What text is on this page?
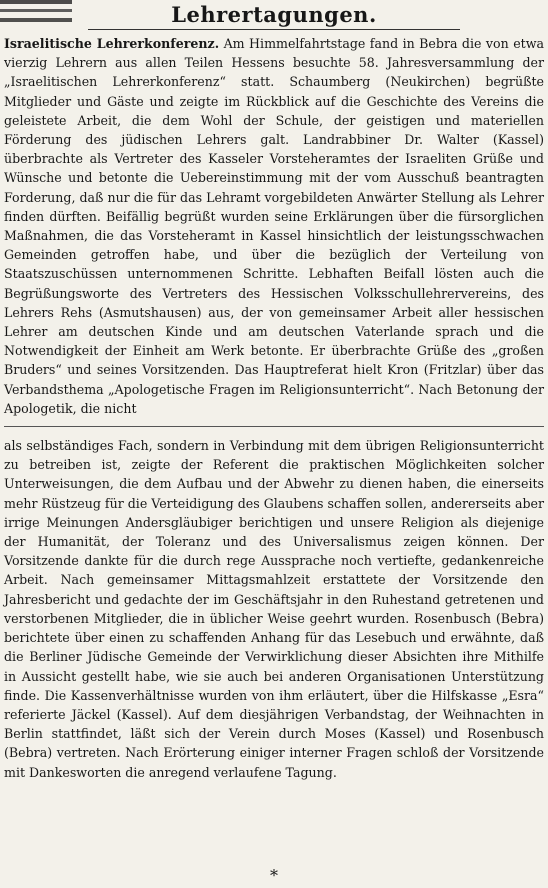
Lehrertagungen.

Israelitische Lehrerkonferenz. Am Himmelfahrtstage fand in Bebra die von etwa vierzig Lehrern aus allen Teilen Hessens besuchte 58. Jahresversammlung der „Israelitischen Lehrerkonferenz“ statt. Schaumberg (Neukirchen) begrüßte Mitglieder und Gäste und zeigte im Rückblick auf die Geschichte des Vereins die geleistete Arbeit, die dem Wohl der Schule, der geistigen und materiellen Förderung des jüdischen Lehrers galt. Landrabbiner Dr. Walter (Kassel) überbrachte als Vertreter des Kasseler Vorsteheramtes der Israeliten Grüße und Wünsche und betonte die Uebereinstimmung mit der vom Ausschuß beantragten Forderung, daß nur die für das Lehramt vorgebildeten Anwärter Stellung als Lehrer finden dürften. Beifällig begrüßt wurden seine Erklärungen über die fürsorglichen Maßnahmen, die das Vorsteheramt in Kassel hinsichtlich der leistungsschwachen Gemeinden getroffen habe, und über die bezüglich der Verteilung von Staatszuschüssen unternommenen Schritte. Lebhaften Beifall lösten auch die Begrüßungsworte des Vertreters des Hessischen Volksschullehrervereins, des Lehrers Rehs (Asmutshausen) aus, der von gemeinsamer Arbeit aller hessischen Lehrer am deutschen Kinde und am deutschen Vaterlande sprach und die Notwendigkeit der Einheit am Werk betonte. Er überbrachte Grüße des „großen Bruders“ und seines Vorsitzenden. Das Hauptreferat hielt Kron (Fritzlar) über das Verbandsthema „Apologetische Fragen im Religionsunterricht“. Nach Betonung der Apologetik, die nicht

als selbständiges Fach, sondern in Verbindung mit dem übrigen Religionsunterricht zu betreiben ist, zeigte der Referent die praktischen Möglichkeiten solcher Unterweisungen, die dem Aufbau und der Abwehr zu dienen haben, die einerseits mehr Rüstzeug für die Verteidigung des Glaubens schaffen sollen, andererseits aber irrige Meinungen Andersgläubiger berichtigen und unsere Religion als diejenige der Humanität, der Toleranz und des Universalismus zeigen können. Der Vorsitzende dankte für die durch rege Aussprache noch vertiefte, gedankenreiche Arbeit. Nach gemeinsamer Mittagsmahlzeit erstattete der Vorsitzende den Jahresbericht und gedachte der im Geschäftsjahr in den Ruhestand getretenen und verstorbenen Mitglieder, die in üblicher Weise geehrt wurden. Rosenbusch (Bebra) berichtete über einen zu schaffenden Anhang für das Lesebuch und erwähnte, daß die Berliner Jüdische Gemeinde der Verwirklichung dieser Absichten ihre Mithilfe in Aussicht gestellt habe, wie sie auch bei anderen Organisationen Unterstützung finde. Die Kassenverhältnisse wurden von ihm erläutert, über die Hilfskasse „Esra“ referierte Jäckel (Kassel). Auf dem diesjährigen Verbandstag, der Weihnachten in Berlin stattfindet, läßt sich der Verein durch Moses (Kassel) und Rosenbusch (Bebra) vertreten. Nach Erörterung einiger interner Fragen schloß der Vorsitzende mit Dankesworten die anregend verlaufene Tagung.

*
